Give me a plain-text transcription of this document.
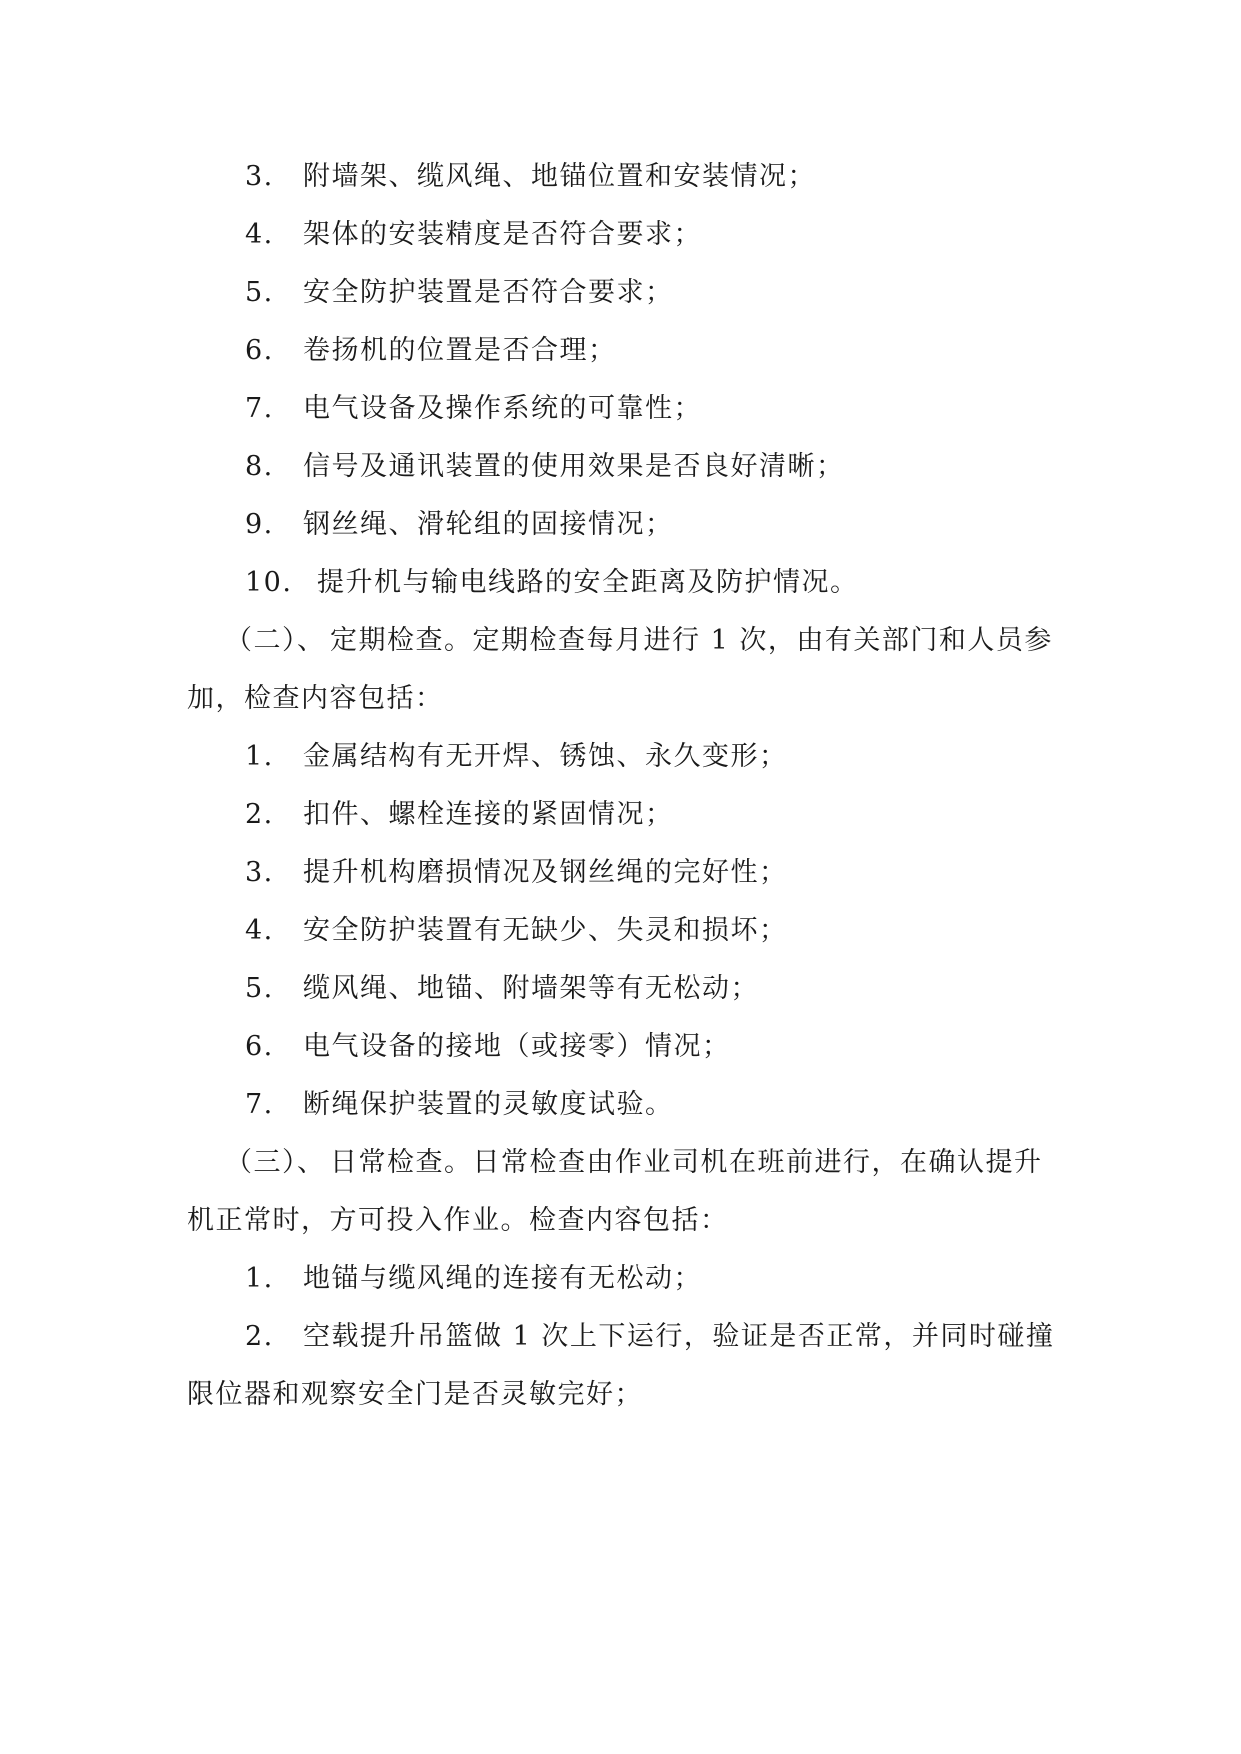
3. 附墙架、缆风绳、地锚位置和安装情况；
4. 架体的安装精度是否符合要求；
5. 安全防护装置是否符合要求；
6. 卷扬机的位置是否合理；
7. 电气设备及操作系统的可靠性；
8. 信号及通讯装置的使用效果是否良好清晰；
9. 钢丝绳、滑轮组的固接情况；
10. 提升机与输电线路的安全距离及防护情况。
（二）、 定期检查。定期检查每月进行 1 次，由有关部门和人员参
加，检查内容包括：
1. 金属结构有无开焊、锈蚀、永久变形；
2. 扣件、螺栓连接的紧固情况；
3. 提升机构磨损情况及钢丝绳的完好性；
4. 安全防护装置有无缺少、失灵和损坏；
5. 缆风绳、地锚、附墙架等有无松动；
6. 电气设备的接地（或接零）情况；
7. 断绳保护装置的灵敏度试验。
（三）、 日常检查。日常检查由作业司机在班前进行，在确认提升
机正常时，方可投入作业。检查内容包括：
1. 地锚与缆风绳的连接有无松动；
2. 空载提升吊篮做 1 次上下运行，验证是否正常，并同时碰撞
限位器和观察安全门是否灵敏完好；
